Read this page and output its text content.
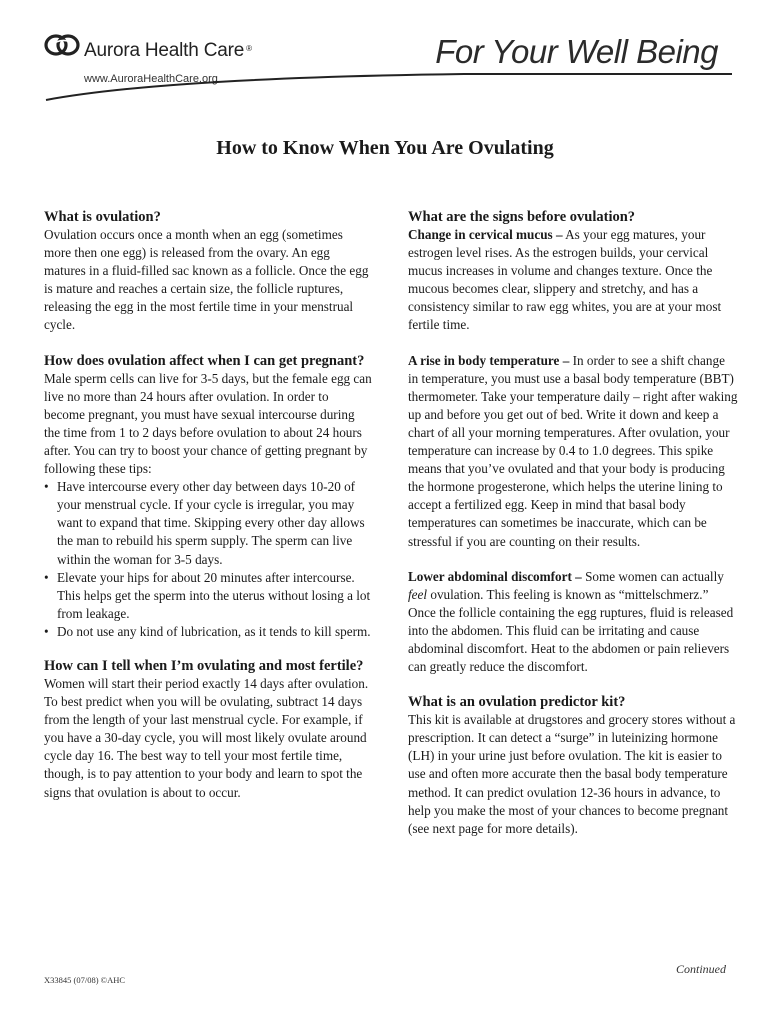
Aurora Health Care ®
www.AuroraHealthCare.org
For Your Well Being
How to Know When You Are Ovulating

What is ovulation?

Ovulation occurs once a month when an egg (sometimes more then one egg) is released from the ovary. An egg matures in a fluid-filled sac known as a follicle. Once the egg is mature and reaches a certain size, the follicle ruptures, releasing the egg in the most fertile time in your menstrual cycle.

How does ovulation affect when I can get pregnant?

Male sperm cells can live for 3-5 days, but the female egg can live no more than 24 hours after ovulation. In order to become pregnant, you must have sexual intercourse during the time from 1 to 2 days before ovulation to about 24 hours after. You can try to boost your chance of getting pregnant by following these tips:

• Have intercourse every other day between days 10-20 of your menstrual cycle. If your cycle is irregular, you may want to expand that time. Skipping every other day allows the man to rebuild his sperm supply. The sperm can live within the woman for 3-5 days.
• Elevate your hips for about 20 minutes after intercourse. This helps get the sperm into the uterus without losing a lot from leakage.
• Do not use any kind of lubrication, as it tends to kill sperm.

How can I tell when I’m ovulating and most fertile?

Women will start their period exactly 14 days after ovulation. To best predict when you will be ovulating, subtract 14 days from the length of your last menstrual cycle. For example, if you have a 30-day cycle, you will most likely ovulate around cycle day 16. The best way to tell your most fertile time, though, is to pay attention to your body and learn to spot the signs that ovulation is about to occur.

What are the signs before ovulation?

Change in cervical mucus – As your egg matures, your estrogen level rises. As the estrogen builds, your cervical mucus increases in volume and changes texture. Once the mucous becomes clear, slippery and stretchy, and has a consistency similar to raw egg whites, you are at your most fertile time.

A rise in body temperature – In order to see a shift change in temperature, you must use a basal body temperature (BBT) thermometer. Take your temperature daily – right after waking up and before you get out of bed. Write it down and keep a chart of all your morning temperatures. After ovulation, your temperature can increase by 0.4 to 1.0 degrees. This spike means that you’ve ovulated and that your body is producing the hormone progesterone, which helps the uterine lining to accept a fertilized egg. Keep in mind that basal body temperatures can sometimes be inaccurate, which can be stressful if you are counting on their results.

Lower abdominal discomfort – Some women can actually feel ovulation. This feeling is known as “mittelschmerz.” Once the follicle containing the egg ruptures, fluid is released into the abdomen. This fluid can be irritating and cause abdominal discomfort. Heat to the abdomen or pain relievers can greatly reduce the discomfort.

What is an ovulation predictor kit?

This kit is available at drugstores and grocery stores without a prescription. It can detect a “surge” in luteinizing hormone (LH) in your urine just before ovulation. The kit is easier to use and often more accurate then the basal body temperature method. It can predict ovulation 12-36 hours in advance, to help you make the most of your chances to become pregnant (see next page for more details).

Continued
X33845 (07/08) ©AHC
